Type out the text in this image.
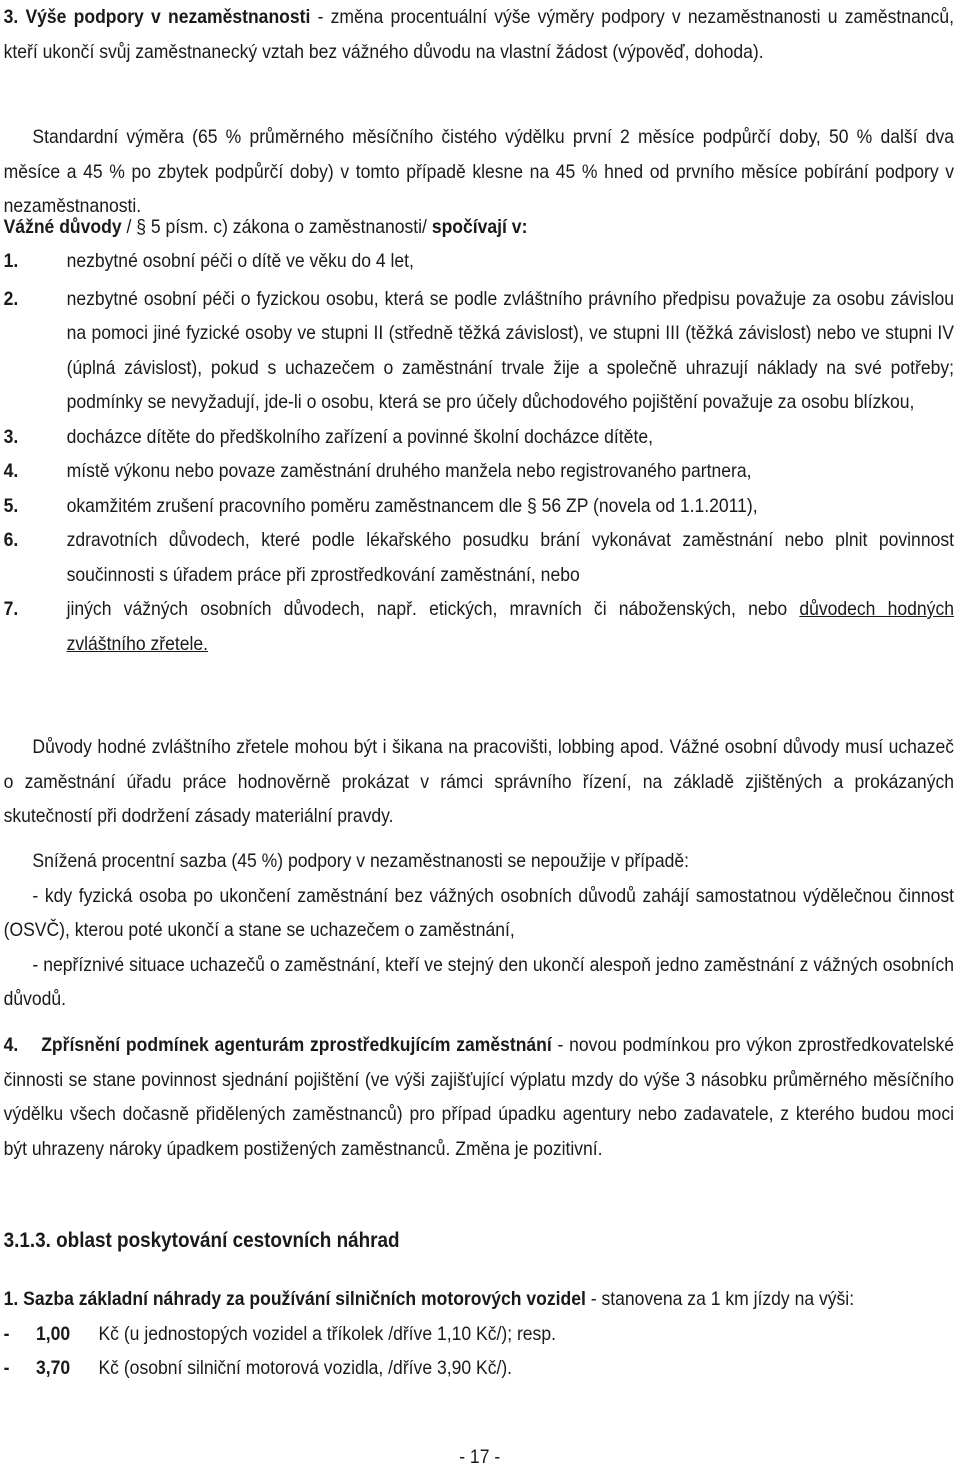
3. Výše podpory v nezaměstnanosti - změna procentuální výše výměry podpory v nezaměstnanosti u zaměstnanců, kteří ukončí svůj zaměstnanecký vztah bez vážného důvodu na vlastní žádost (výpověď, dohoda).

Standardní výměra (65 % průměrného měsíčního čistého výdělku první 2 měsíce podpůrčí doby, 50 % další dva měsíce a 45 % po zbytek podpůrčí doby) v tomto případě klesne na 45 % hned od prvního měsíce pobírání podpory v nezaměstnanosti.

Vážné důvody / § 5 písm. c) zákona o zaměstnanosti/ spočívají v:

1. nezbytné osobní péči o dítě ve věku do 4 let,
2. nezbytné osobní péči o fyzickou osobu, která se podle zvláštního právního předpisu považuje za osobu závislou na pomoci jiné fyzické osoby ve stupni II (středně těžká závislost), ve stupni III (těžká závislost) nebo ve stupni IV (úplná závislost), pokud s uchazečem o zaměstnání trvale žije a společně uhrazují náklady na své potřeby; podmínky se nevyžadují, jde-li o osobu, která se pro účely důchodového pojištění považuje za osobu blízkou,
3. docházce dítěte do předškolního zařízení a povinné školní docházce dítěte,
4. místě výkonu nebo povaze zaměstnání druhého manžela nebo registrovaného partnera,
5. okamžitém zrušení pracovního poměru zaměstnancem dle § 56 ZP (novela od 1.1.2011),
6. zdravotních důvodech, které podle lékařského posudku brání vykonávat zaměstnání nebo plnit povinnost součinnosti s úřadem práce při zprostředkování zaměstnání, nebo
7. jiných vážných osobních důvodech, např. etických, mravních či náboženských, nebo důvodech hodných zvláštního zřetele.

Důvody hodné zvláštního zřetele mohou být i šikana na pracovišti, lobbing apod. Vážné osobní důvody musí uchazeč o zaměstnání úřadu práce hodnověrně prokázat v rámci správního řízení, na základě zjištěných a prokázaných skutečností při dodržení zásady materiální pravdy.

Snížená procentní sazba (45 %) podpory v nezaměstnanosti se nepoužije v případě:

- kdy fyzická osoba po ukončení zaměstnání bez vážných osobních důvodů zahájí samostatnou výdělečnou činnost (OSVČ), kterou poté ukončí a stane se uchazečem o zaměstnání,

- nepříznivé situace uchazečů o zaměstnání, kteří ve stejný den ukončí alespoň jedno zaměstnání z vážných osobních důvodů.

4. Zpřísnění podmínek agenturám zprostředkujícím zaměstnání - novou podmínkou pro výkon zprostředkovatelské činnosti se stane povinnost sjednání pojištění (ve výši zajišťující výplatu mzdy do výše 3 násobku průměrného měsíčního výdělku všech dočasně přidělených zaměstnanců) pro případ úpadku agentury nebo zadavatele, z kterého budou moci být uhrazeny nároky úpadkem postižených zaměstnanců. Změna je pozitivní.

3.1.3. oblast poskytování cestovních náhrad

1. Sazba základní náhrady za používání silničních motorových vozidel - stanovena za 1 km jízdy na výši:

- 1,00 Kč (u jednostopých vozidel a tříkolek /dříve 1,10 Kč/); resp.
- 3,70 Kč (osobní silniční motorová vozidla, /dříve 3,90 Kč/).
- 17 -
